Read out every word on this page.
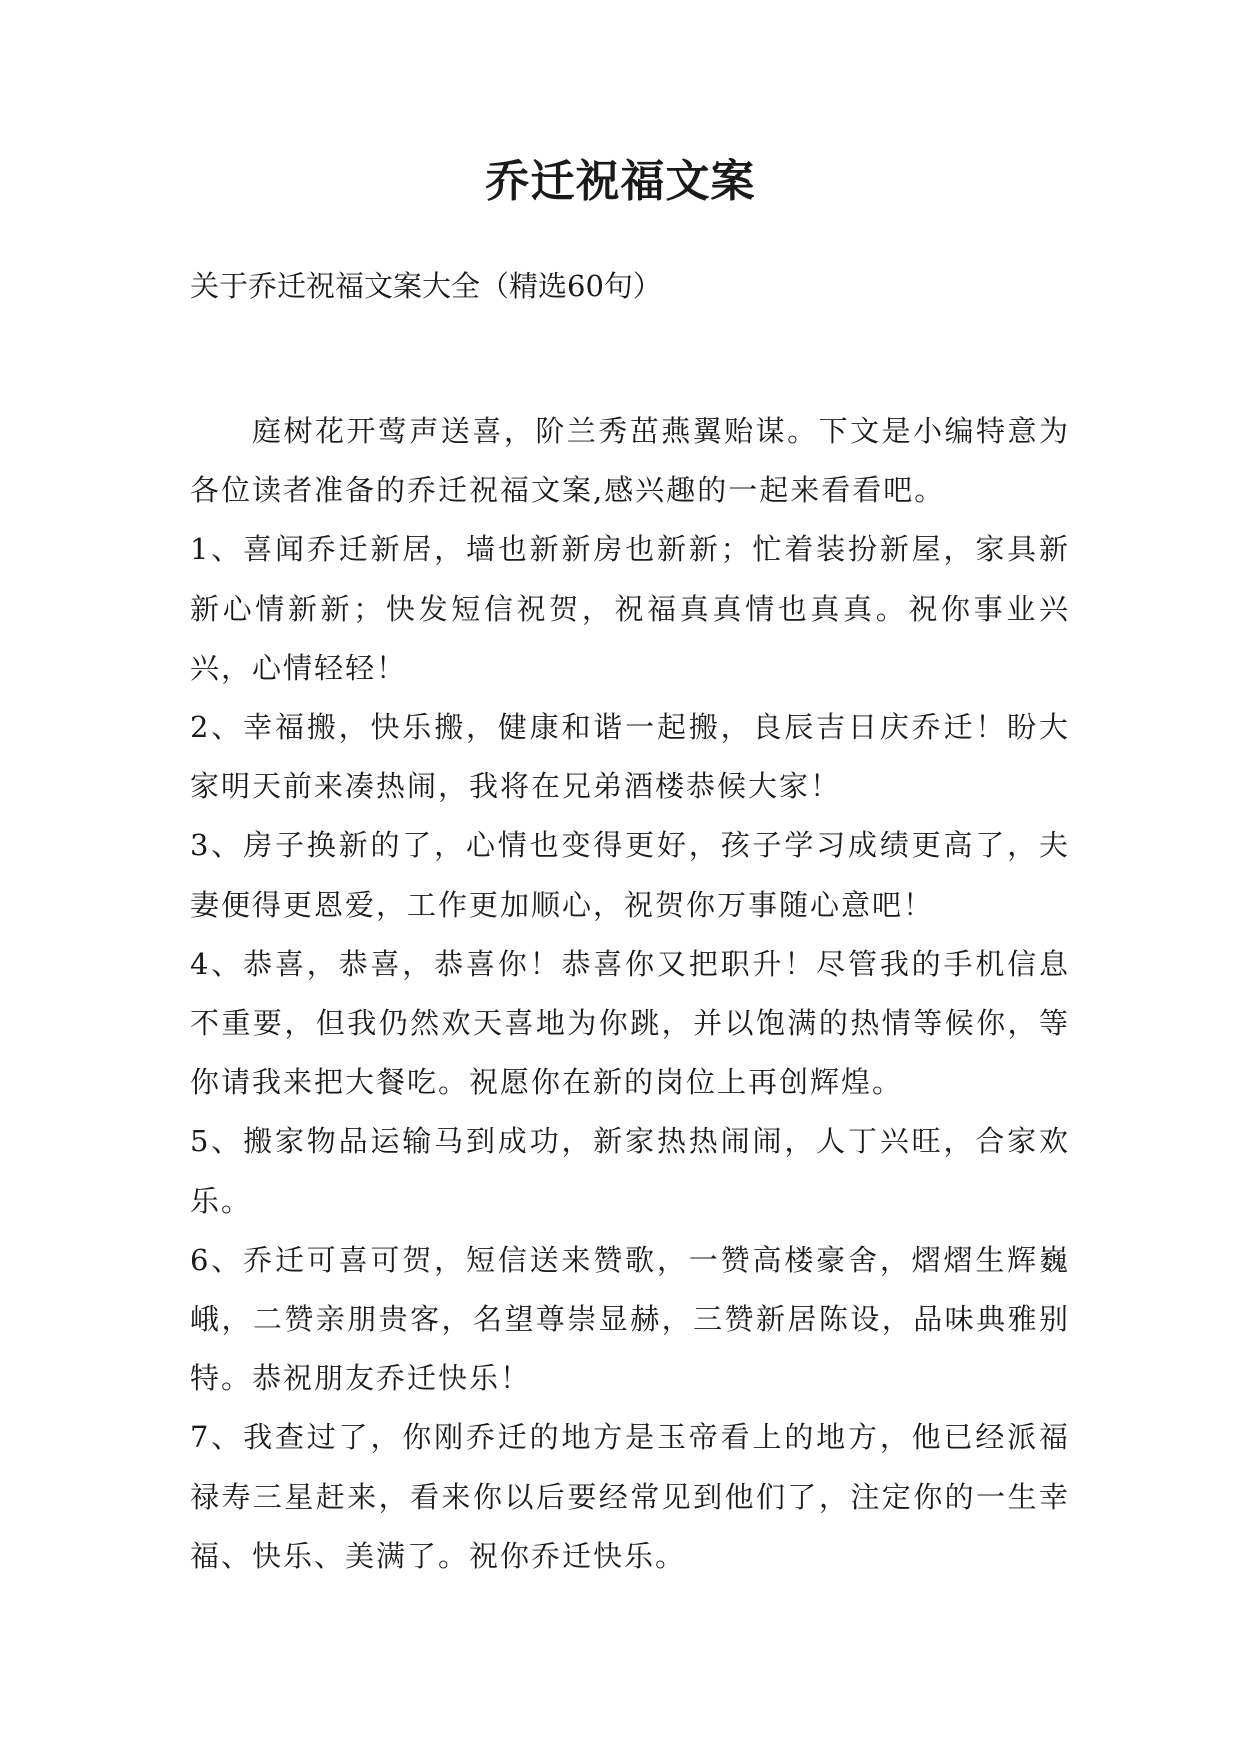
乔迁祝福文案

关于乔迁祝福文案大全（精选60句）

庭树花开莺声送喜，阶兰秀茁燕翼贻谋。下文是小编特意为各位读者准备的乔迁祝福文案,感兴趣的一起来看看吧。

1、喜闻乔迁新居，墙也新新房也新新；忙着装扮新屋，家具新新心情新新；快发短信祝贺，祝福真真情也真真。祝你事业兴兴，心情轻轻！

2、幸福搬，快乐搬，健康和谐一起搬，良辰吉日庆乔迁！盼大家明天前来凑热闹，我将在兄弟酒楼恭候大家！

3、房子换新的了，心情也变得更好，孩子学习成绩更高了，夫妻便得更恩爱，工作更加顺心，祝贺你万事随心意吧！

4、恭喜，恭喜，恭喜你！恭喜你又把职升！尽管我的手机信息不重要，但我仍然欢天喜地为你跳，并以饱满的热情等候你，等你请我来把大餐吃。祝愿你在新的岗位上再创辉煌。

5、搬家物品运输马到成功，新家热热闹闹，人丁兴旺，合家欢乐。

6、乔迁可喜可贺，短信送来赞歌，一赞高楼豪舍，熠熠生辉巍峨，二赞亲朋贵客，名望尊崇显赫，三赞新居陈设，品味典雅别特。恭祝朋友乔迁快乐！

7、我查过了，你刚乔迁的地方是玉帝看上的地方，他已经派福禄寿三星赶来，看来你以后要经常见到他们了，注定你的一生幸福、快乐、美满了。祝你乔迁快乐。
